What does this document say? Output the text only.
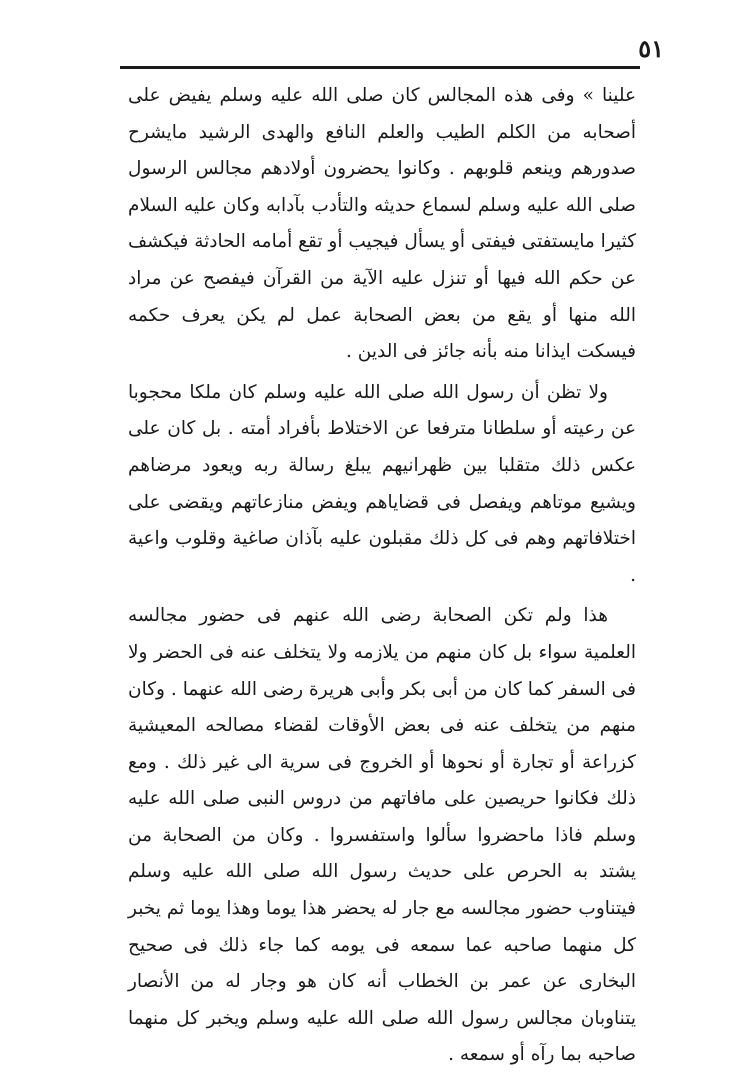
٥١

علينا » وفى هذه المجالس كان صلى الله عليه وسلم يفيض على أصحابه من الكلم الطيب والعلم النافع والهدى الرشيد مايشرح صدورهم وينعم قلوبهم . وكانوا يحضرون أولادهم مجالس الرسول صلى الله عليه وسلم لسماع حديثه والتأدب بآدابه وكان عليه السلام كثيرا مايستفتى فيفتى أو يسأل فيجيب أو تقع أمامه الحادثة فيكشف عن حكم الله فيها أو تنزل عليه الآية من القرآن فيفصح عن مراد الله منها أو يقع من بعض الصحابة عمل لم يكن يعرف حكمه فيسكت ايذانا منه بأنه جائز فى الدين .

ولا تظن أن رسول الله صلى الله عليه وسلم كان ملكا محجوبا عن رعيته أو سلطانا مترفعا عن الاختلاط بأفراد أمته . بل كان على عكس ذلك متقلبا بين ظهرانيهم يبلغ رسالة ربه ويعود مرضاهم ويشيع موتاهم ويفصل فى قضاياهم ويفض منازعاتهم ويقضى على اختلافاتهم وهم فى كل ذلك مقبلون عليه بآذان صاغية وقلوب واعية .

هذا ولم تكن الصحابة رضى الله عنهم فى حضور مجالسه العلمية سواء بل كان منهم من يلازمه ولا يتخلف عنه فى الحضر ولا فى السفر كما كان من أبى بكر وأبى هريرة رضى الله عنهما . وكان منهم من يتخلف عنه فى بعض الأوقات لقضاء مصالحه المعيشية كزراعة أو تجارة أو نحوها أو الخروج فى سرية الى غير ذلك . ومع ذلك فكانوا حريصين على مافاتهم من دروس النبى صلى الله عليه وسلم فاذا ماحضروا سألوا واستفسروا . وكان من الصحابة من يشتد به الحرص على حديث رسول الله صلى الله عليه وسلم فيتناوب حضور مجالسه مع جار له يحضر هذا يوما وهذا يوما ثم يخبر كل منهما صاحبه عما سمعه فى يومه كما جاء ذلك فى صحيح البخارى عن عمر بن الخطاب أنه كان هو وجار له من الأنصار يتناوبان مجالس رسول الله صلى الله عليه وسلم ويخبر كل منهما صاحبه بما رآه أو سمعه .
